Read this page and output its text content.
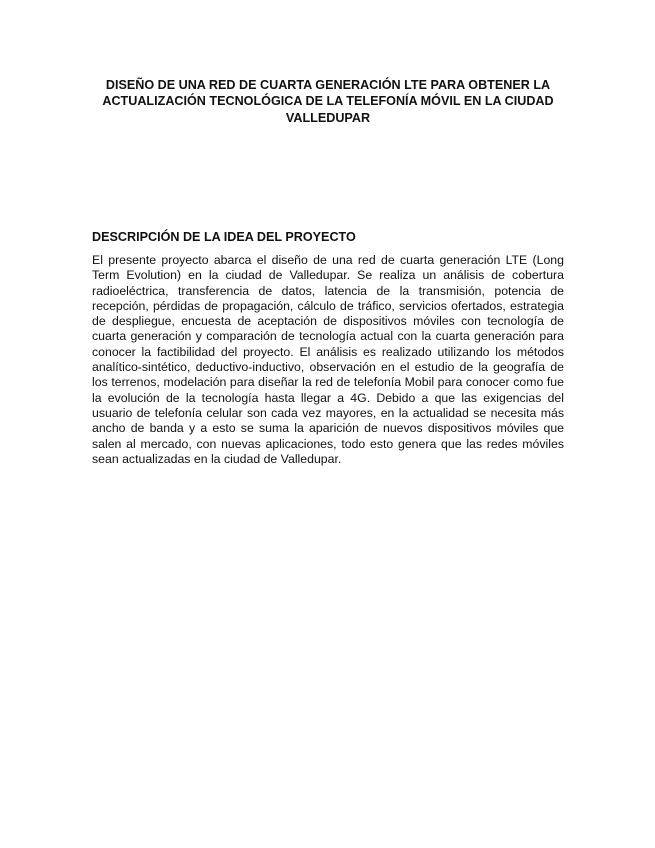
DISEÑO DE UNA RED DE CUARTA GENERACIÓN LTE PARA OBTENER LA ACTUALIZACIÓN TECNOLÓGICA DE LA TELEFONÍA MÓVIL EN LA CIUDAD VALLEDUPAR
DESCRIPCIÓN DE LA IDEA DEL PROYECTO

El presente proyecto abarca el diseño de una red de cuarta generación LTE (Long Term Evolution) en la ciudad de Valledupar. Se realiza un análisis de cobertura radioeléctrica, transferencia de datos, latencia de la transmisión, potencia de recepción, pérdidas de propagación, cálculo de tráfico, servicios ofertados, estrategia de despliegue, encuesta de aceptación de dispositivos móviles con tecnología de cuarta generación y comparación de tecnología actual con la cuarta generación para conocer la factibilidad del proyecto. El análisis es realizado utilizando los métodos analítico-sintético, deductivo-inductivo, observación en el estudio de la geografía de los terrenos, modelación para diseñar la red de telefonía Mobil para conocer como fue la evolución de la tecnología hasta llegar a 4G. Debido a que las exigencias del usuario de telefonía celular son cada vez mayores, en la actualidad se necesita más ancho de banda y a esto se suma la aparición de nuevos dispositivos móviles que salen al mercado, con nuevas aplicaciones, todo esto genera que las redes móviles sean actualizadas en la ciudad de Valledupar.
